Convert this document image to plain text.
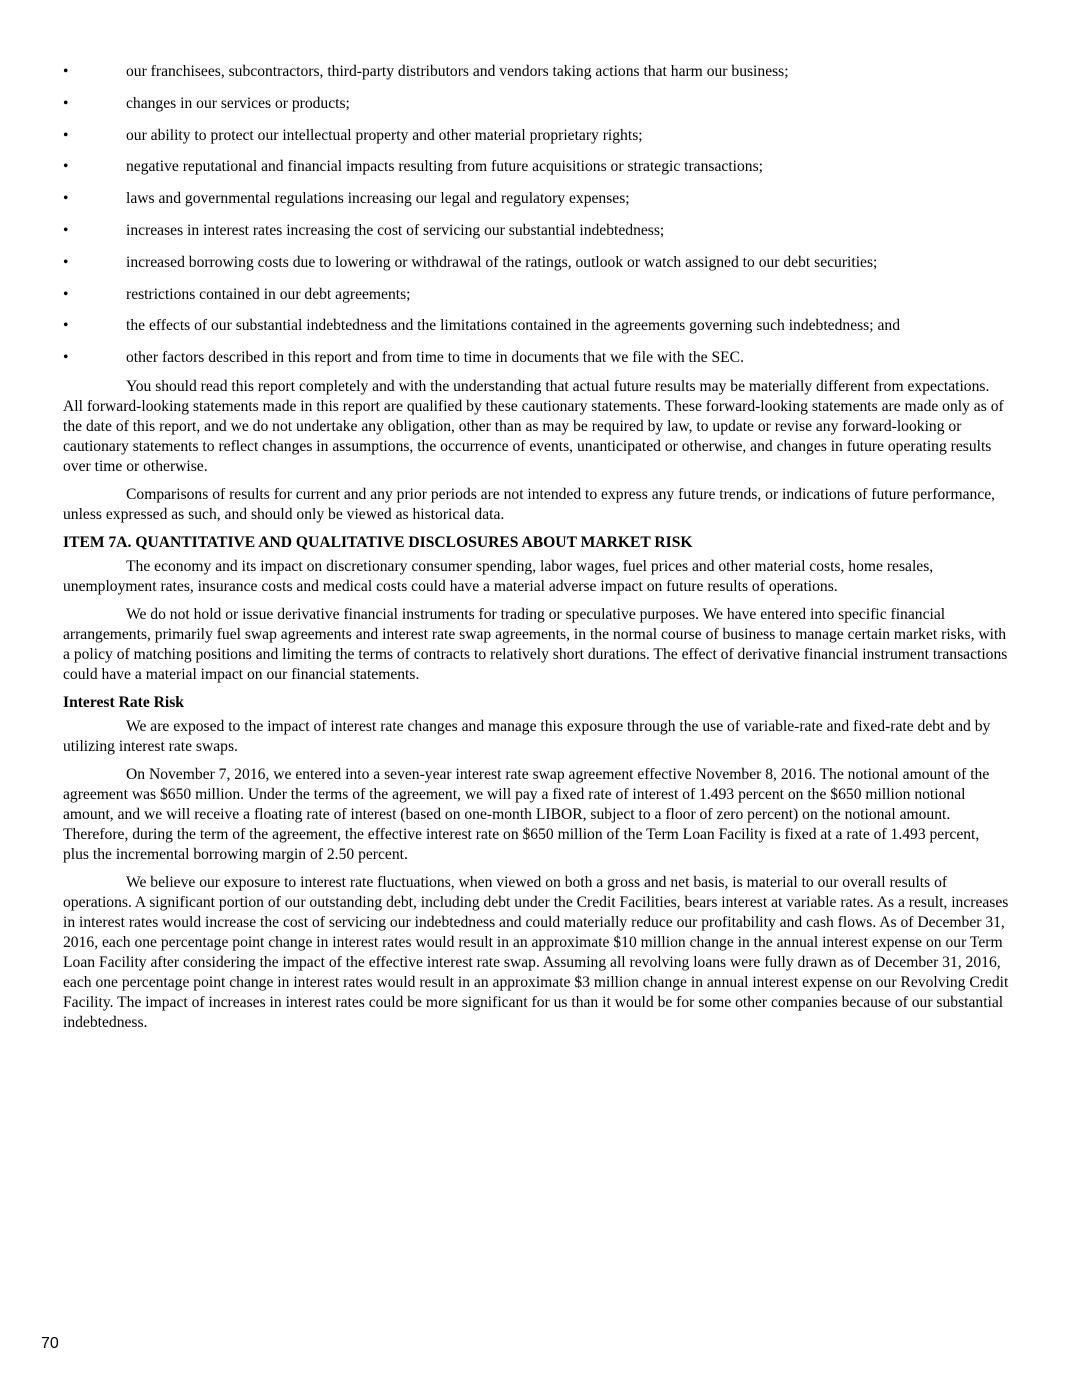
•	our franchisees, subcontractors, third-party distributors and vendors taking actions that harm our business;
•	changes in our services or products;
•	our ability to protect our intellectual property and other material proprietary rights;
•	negative reputational and financial impacts resulting from future acquisitions or strategic transactions;
•	laws and governmental regulations increasing our legal and regulatory expenses;
•	increases in interest rates increasing the cost of servicing our substantial indebtedness;
•	increased borrowing costs due to lowering or withdrawal of the ratings, outlook or watch assigned to our debt securities;
•	restrictions contained in our debt agreements;
•	the effects of our substantial indebtedness and the limitations contained in the agreements governing such indebtedness; and
•	other factors described in this report and from time to time in documents that we file with the SEC.

You should read this report completely and with the understanding that actual future results may be materially different from expectations. All forward-looking statements made in this report are qualified by these cautionary statements. These forward-looking statements are made only as of the date of this report, and we do not undertake any obligation, other than as may be required by law, to update or revise any forward-looking or cautionary statements to reflect changes in assumptions, the occurrence of events, unanticipated or otherwise, and changes in future operating results over time or otherwise.

Comparisons of results for current and any prior periods are not intended to express any future trends, or indications of future performance, unless expressed as such, and should only be viewed as historical data.

ITEM 7A. QUANTITATIVE AND QUALITATIVE DISCLOSURES ABOUT MARKET RISK

The economy and its impact on discretionary consumer spending, labor wages, fuel prices and other material costs, home resales, unemployment rates, insurance costs and medical costs could have a material adverse impact on future results of operations.

We do not hold or issue derivative financial instruments for trading or speculative purposes. We have entered into specific financial arrangements, primarily fuel swap agreements and interest rate swap agreements, in the normal course of business to manage certain market risks, with a policy of matching positions and limiting the terms of contracts to relatively short durations. The effect of derivative financial instrument transactions could have a material impact on our financial statements.

Interest Rate Risk

We are exposed to the impact of interest rate changes and manage this exposure through the use of variable-rate and fixed-rate debt and by utilizing interest rate swaps.

On November 7, 2016, we entered into a seven-year interest rate swap agreement effective November 8, 2016. The notional amount of the agreement was $650 million. Under the terms of the agreement, we will pay a fixed rate of interest of 1.493 percent on the $650 million notional amount, and we will receive a floating rate of interest (based on one-month LIBOR, subject to a floor of zero percent) on the notional amount. Therefore, during the term of the agreement, the effective interest rate on $650 million of the Term Loan Facility is fixed at a rate of 1.493 percent, plus the incremental borrowing margin of 2.50 percent.

We believe our exposure to interest rate fluctuations, when viewed on both a gross and net basis, is material to our overall results of operations. A significant portion of our outstanding debt, including debt under the Credit Facilities, bears interest at variable rates. As a result, increases in interest rates would increase the cost of servicing our indebtedness and could materially reduce our profitability and cash flows. As of December 31, 2016, each one percentage point change in interest rates would result in an approximate $10 million change in the annual interest expense on our Term Loan Facility after considering the impact of the effective interest rate swap. Assuming all revolving loans were fully drawn as of December 31, 2016, each one percentage point change in interest rates would result in an approximate $3 million change in annual interest expense on our Revolving Credit Facility. The impact of increases in interest rates could be more significant for us than it would be for some other companies because of our substantial indebtedness.

70
